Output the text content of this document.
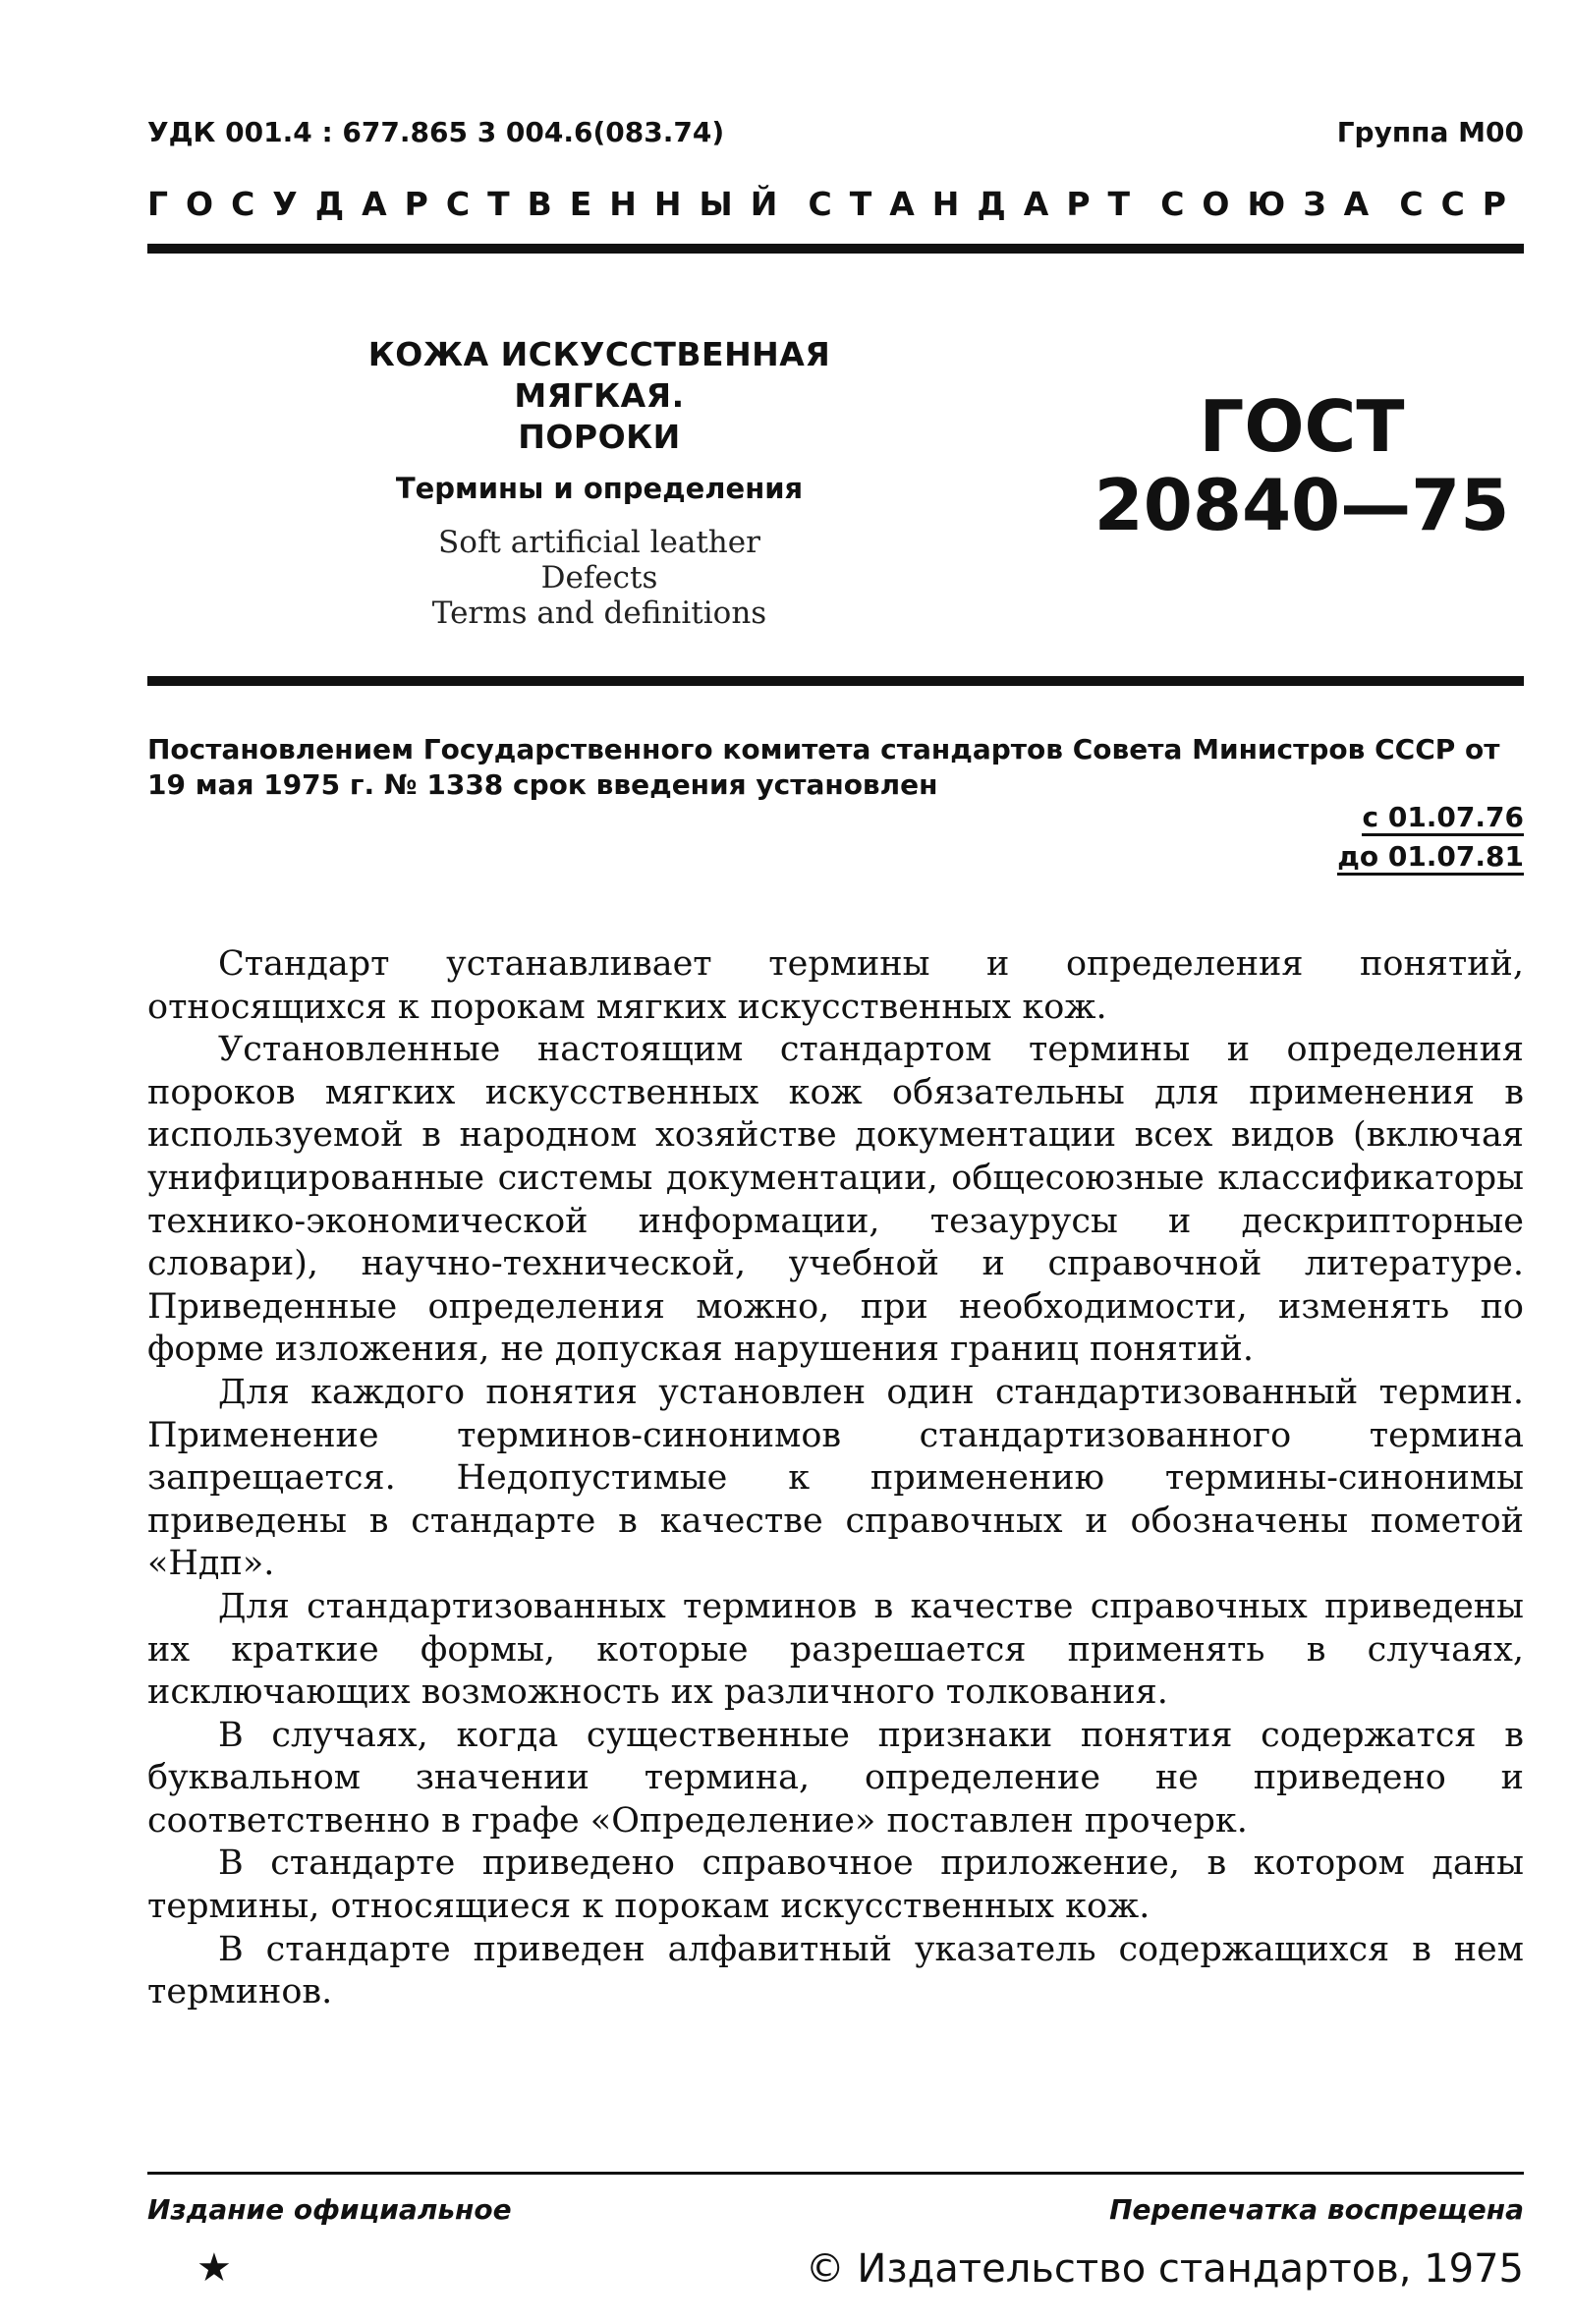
УДК 001.4 : 677.865 3 004.6(083.74)	Группа М00
ГОСУДАРСТВЕННЫЙ СТАНДАРТ СОЮЗА ССР
КОЖА ИСКУССТВЕННАЯ МЯГКАЯ.
ПОРОКИ
Термины и определения
Soft artificial leather
Defects
Terms and definitions
ГОСТ
20840—75
Постановлением Государственного комитета стандартов Совета Министров СССР от 19 мая 1975 г. № 1338 срок введения установлен
с 01.07.76
до 01.07.81

Стандарт устанавливает термины и определения понятий, относящихся к порокам мягких искусственных кож.

Установленные настоящим стандартом термины и определения пороков мягких искусственных кож обязательны для применения в используемой в народном хозяйстве документации всех видов (включая унифицированные системы документации, общесоюзные классификаторы технико-экономической информации, тезаурусы и дескрипторные словари), научно-технической, учебной и справочной литературе. Приведенные определения можно, при необходимости, изменять по форме изложения, не допуская нарушения границ понятий.

Для каждого понятия установлен один стандартизованный термин. Применение терминов-синонимов стандартизованного термина запрещается. Недопустимые к применению термины-синонимы приведены в стандарте в качестве справочных и обозначены пометой «Ндп».

Для стандартизованных терминов в качестве справочных приведены их краткие формы, которые разрешается применять в случаях, исключающих возможность их различного толкования.

В случаях, когда существенные признаки понятия содержатся в буквальном значении термина, определение не приведено и соответственно в графе «Определение» поставлен прочерк.

В стандарте приведено справочное приложение, в котором даны термины, относящиеся к порокам искусственных кож.

В стандарте приведен алфавитный указатель содержащихся в нем терминов.

Издание официальное	Перепечатка воспрещена
★	© Издательство стандартов, 1975
